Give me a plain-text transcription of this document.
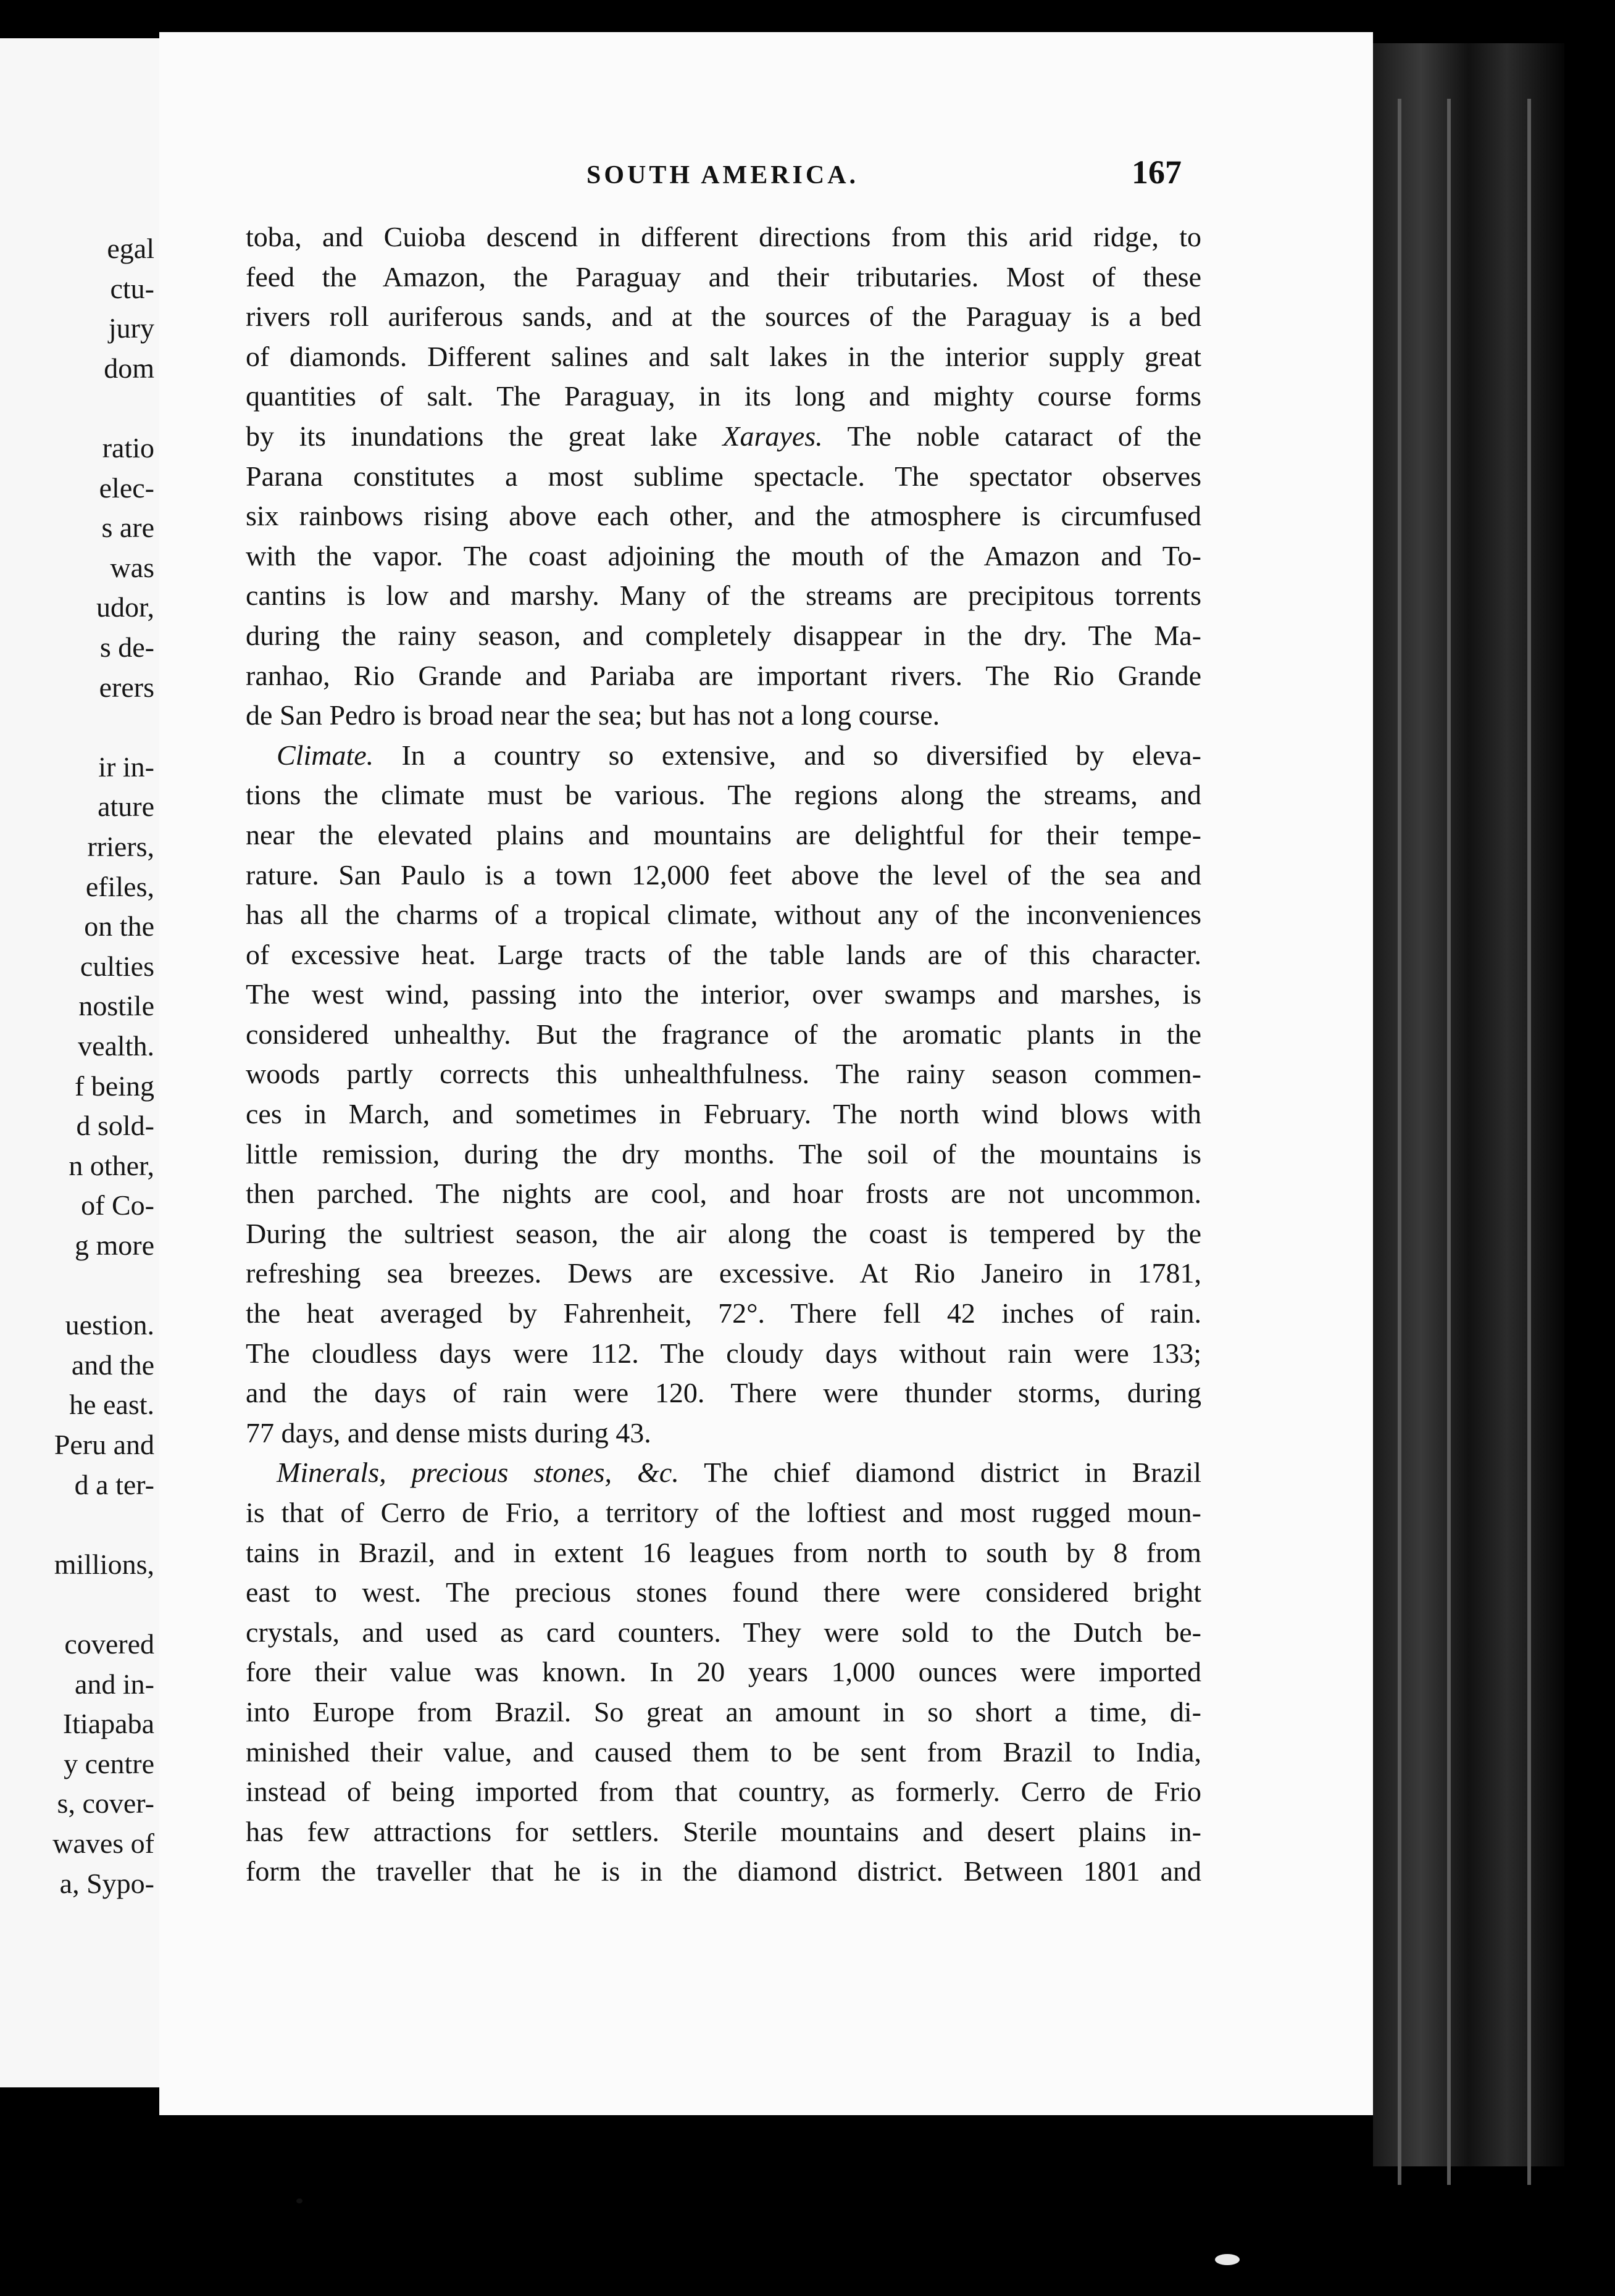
egal

ctu-

jury

dom

ratio

elec-

s are

was

udor,

s de-

erers

ir in-

ature

rriers,

efiles,

on the

culties

nostile

vealth.

f being

d sold-

n other,

of Co-

g more

uestion.

and the

he east.

Peru and

d a ter-

millions,

covered

and in-

Itiapaba

y centre

s, cover-

waves of

a, Sypo-

SOUTH AMERICA.	167

toba, and Cuioba descend in different directions from this arid ridge, to
feed the Amazon, the Paraguay and their tributaries. Most of these
rivers roll auriferous sands, and at the sources of the Paraguay is a bed
of diamonds. Different salines and salt lakes in the interior supply great
quantities of salt. The Paraguay, in its long and mighty course forms
by its inundations the great lake Xarayes. The noble cataract of the
Parana constitutes a most sublime spectacle. The spectator observes
six rainbows rising above each other, and the atmosphere is circumfused
with the vapor. The coast adjoining the mouth of the Amazon and To-
cantins is low and marshy. Many of the streams are precipitous torrents
during the rainy season, and completely disappear in the dry. The Ma-
ranhao, Rio Grande and Pariaba are important rivers. The Rio Grande
de San Pedro is broad near the sea; but has not a long course.
Climate. In a country so extensive, and so diversified by eleva-
tions the climate must be various. The regions along the streams, and
near the elevated plains and mountains are delightful for their tempe-
rature. San Paulo is a town 12,000 feet above the level of the sea and
has all the charms of a tropical climate, without any of the inconveniences
of excessive heat. Large tracts of the table lands are of this character.
The west wind, passing into the interior, over swamps and marshes, is
considered unhealthy. But the fragrance of the aromatic plants in the
woods partly corrects this unhealthfulness. The rainy season commen-
ces in March, and sometimes in February. The north wind blows with
little remission, during the dry months. The soil of the mountains is
then parched. The nights are cool, and hoar frosts are not uncommon.
During the sultriest season, the air along the coast is tempered by the
refreshing sea breezes. Dews are excessive. At Rio Janeiro in 1781,
the heat averaged by Fahrenheit, 72°. There fell 42 inches of rain.
The cloudless days were 112. The cloudy days without rain were 133;
and the days of rain were 120. There were thunder storms, during
77 days, and dense mists during 43.
Minerals, precious stones, &c. The chief diamond district in Brazil
is that of Cerro de Frio, a territory of the loftiest and most rugged moun-
tains in Brazil, and in extent 16 leagues from north to south by 8 from
east to west. The precious stones found there were considered bright
crystals, and used as card counters. They were sold to the Dutch be-
fore their value was known. In 20 years 1,000 ounces were imported
into Europe from Brazil. So great an amount in so short a time, di-
minished their value, and caused them to be sent from Brazil to India,
instead of being imported from that country, as formerly. Cerro de Frio
has few attractions for settlers. Sterile mountains and desert plains in-
form the traveller that he is in the diamond district. Between 1801 and
